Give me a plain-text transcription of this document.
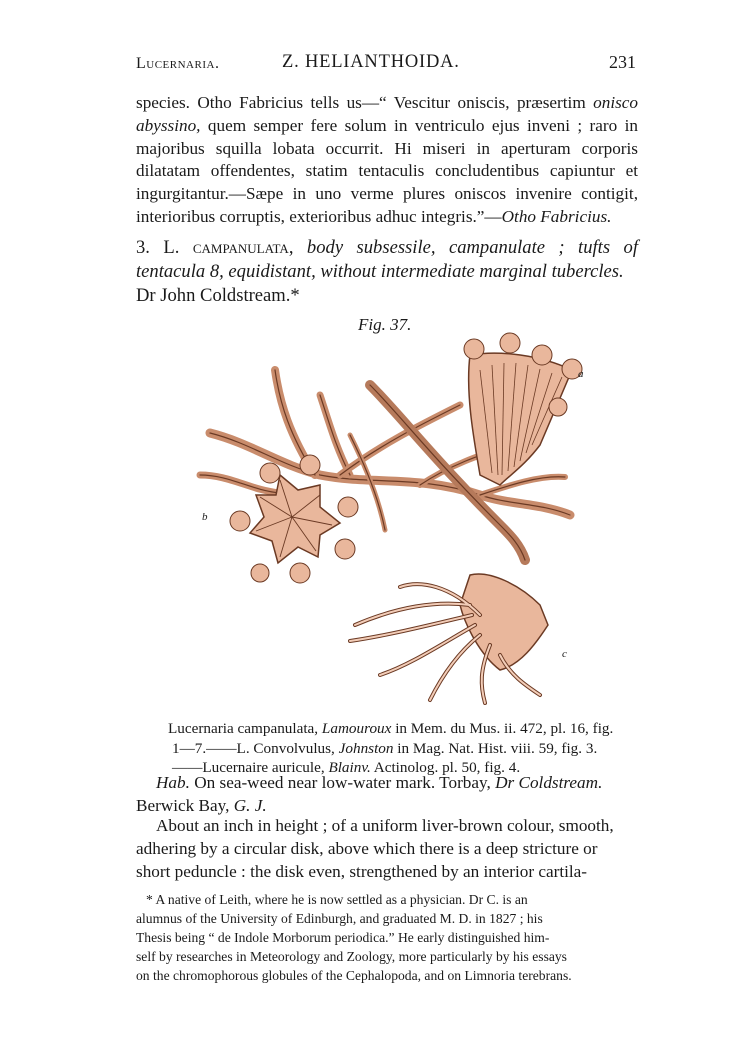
Lucernaria.	Z. HELIANTHOIDA.	231
species. Otho Fabricius tells us—“ Vescitur oniscis, præsertim onisco abyssino, quem semper fere solum in ventriculo ejus inveni ; raro in majoribus squilla lobata occurrit. Hi miseri in aperturam corporis dilatatam offendentes, statim tentaculis concludentibus capiuntur et ingurgitantur.—Sæpe in uno verme plures oniscos invenire contigit, interioribus corruptis, exterioribus adhuc integris.”—Otho Fabricius.
3. L. campanulata, body subsessile, campanulate ; tufts of tentacula 8, equidistant, without intermediate marginal tubercles.
Dr John Coldstream.*
Fig. 37.
a
b
c
Lucernaria campanulata, Lamouroux in Mem. du Mus. ii. 472, pl. 16, fig.
1—7.——L. Convolvulus, Johnston in Mag. Nat. Hist. viii. 59, fig. 3.
——Lucernaire auricule, Blainv. Actinolog. pl. 50, fig. 4.
Hab. On sea-weed near low-water mark. Torbay, Dr Coldstream.
Berwick Bay, G. J.
About an inch in height ; of a uniform liver-brown colour, smooth,
adhering by a circular disk, above which there is a deep stricture or
short peduncle : the disk even, strengthened by an interior cartila-
* A native of Leith, where he is now settled as a physician. Dr C. is an
alumnus of the University of Edinburgh, and graduated M. D. in 1827 ; his
Thesis being “ de Indole Morborum periodica.” He early distinguished him-
self by researches in Meteorology and Zoology, more particularly by his essays
on the chromophorous globules of the Cephalopoda, and on Limnoria terebrans.
